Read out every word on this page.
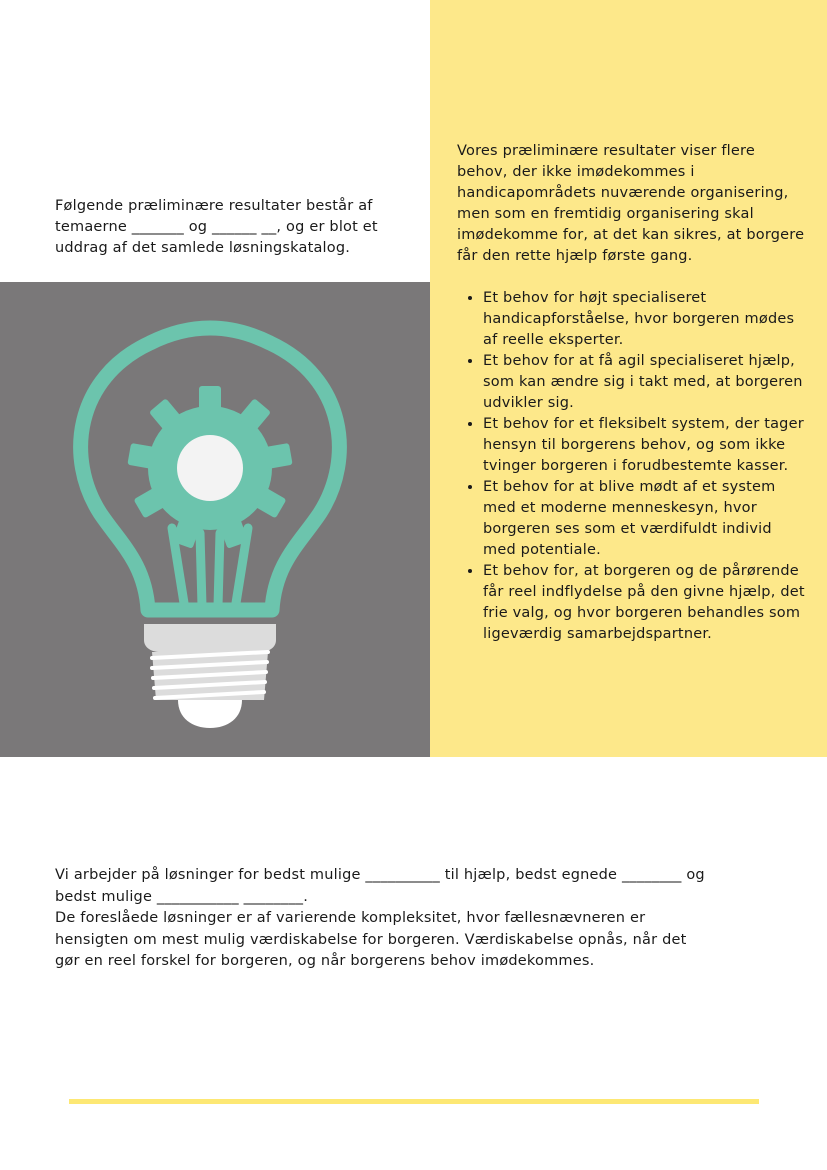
Følgende præliminære resultater består af temaerne _______ og ______ __, og er blot et uddrag af det samlede løsningskatalog.

Vores præliminære resultater viser flere behov, der ikke imødekommes i handicapområdets nuværende organisering, men som en fremtidig organisering skal imødekomme for, at det kan sikres, at borgere får den rette hjælp første gang.

• Et behov for højt specialiseret handicapforståelse, hvor borgeren mødes af reelle eksperter.
• Et behov for at få agil specialiseret hjælp, som kan ændre sig i takt med, at borgeren udvikler sig.
• Et behov for et fleksibelt system, der tager hensyn til borgerens behov, og som ikke tvinger borgeren i forudbestemte kasser.
• Et behov for at blive mødt af et system med et moderne menneskesyn, hvor borgeren ses som et værdifuldt individ med potentiale.
• Et behov for, at borgeren og de pårørende får reel indflydelse på den givne hjælp, det frie valg, og hvor borgeren behandles som ligeværdig samarbejdspartner.

Vi arbejder på løsninger for bedst mulige __________ til hjælp, bedst egnede ________ og bedst mulige ___________ ________.

De foreslåede løsninger er af varierende kompleksitet, hvor fællesnævneren er hensigten om mest mulig værdiskabelse for borgeren. Værdiskabelse opnås, når det gør en reel forskel for borgeren, og når borgerens behov imødekommes.
